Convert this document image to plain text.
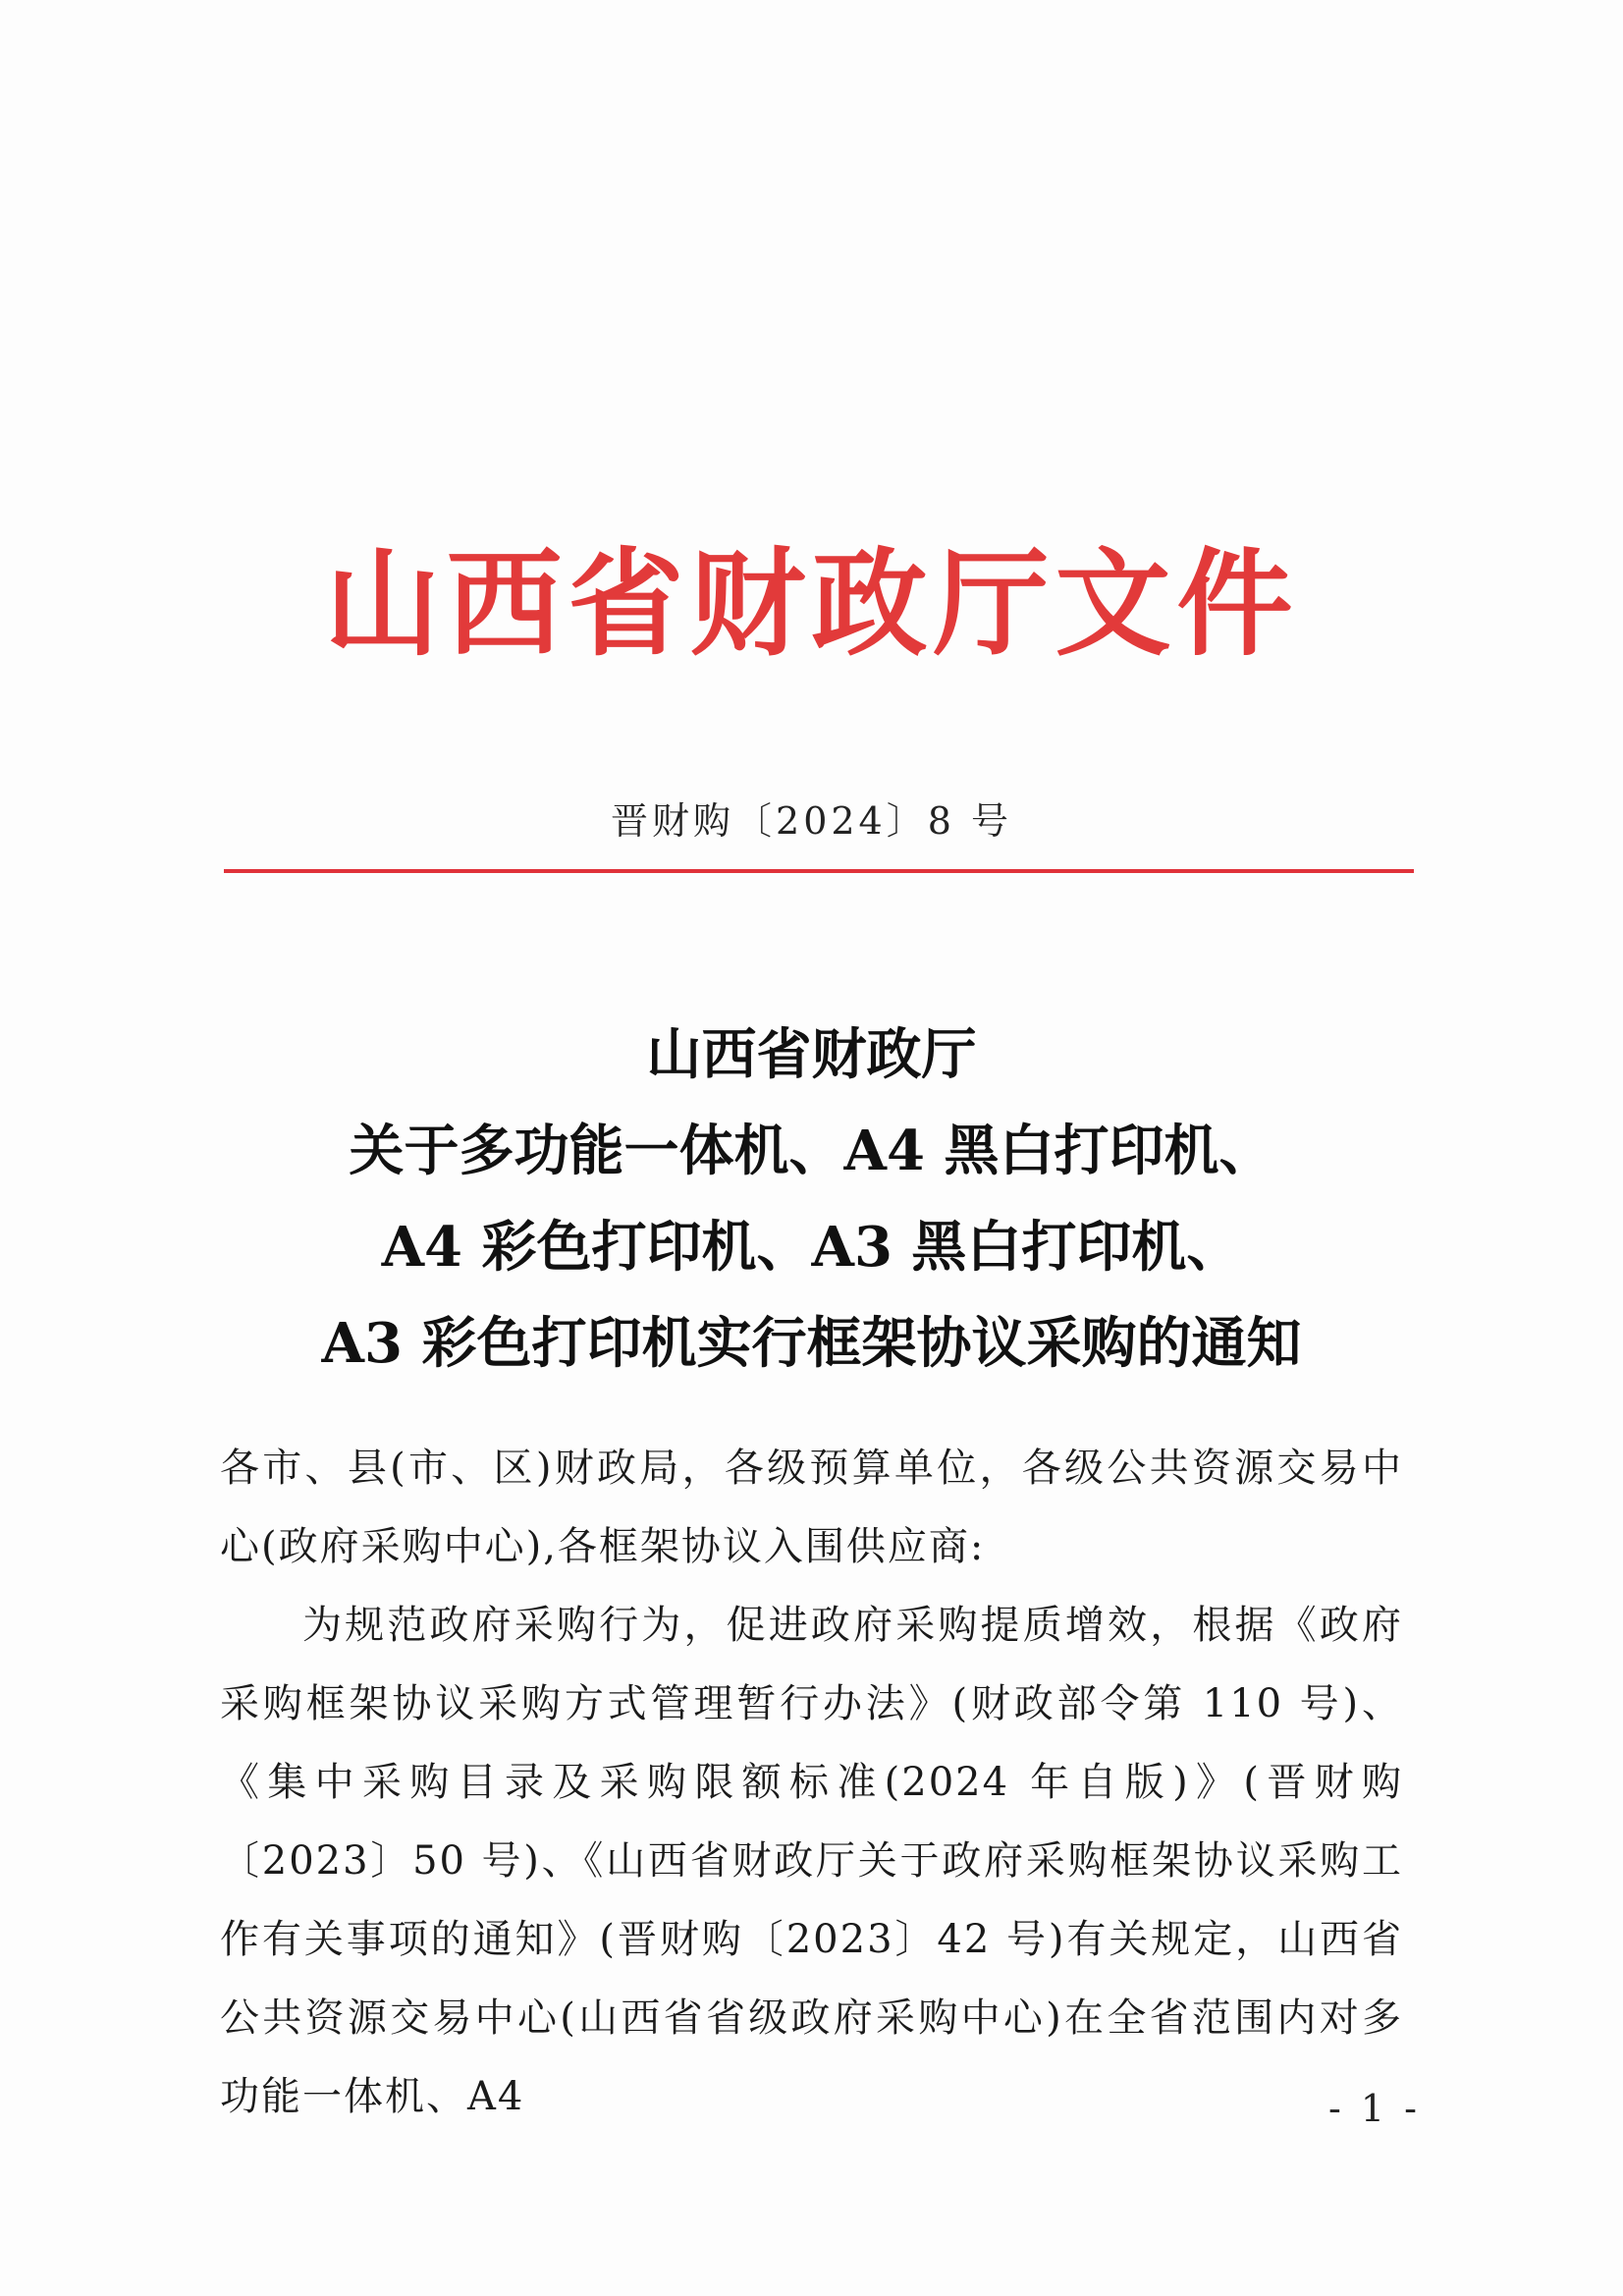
山西省财政厅文件
晋财购〔2024〕8 号
山西省财政厅
关于多功能一体机、A4 黑白打印机、
A4 彩色打印机、A3 黑白打印机、
A3 彩色打印机实行框架协议采购的通知

各市、县(市、区)财政局，各级预算单位，各级公共资源交易中心(政府采购中心),各框架协议入围供应商:

为规范政府采购行为，促进政府采购提质增效，根据《政府采购框架协议采购方式管理暂行办法》(财政部令第 110 号)、《集中采购目录及采购限额标准(2024 年自版)》(晋财购〔2023〕50 号)、《山西省财政厅关于政府采购框架协议采购工作有关事项的通知》(晋财购〔2023〕42 号)有关规定，山西省公共资源交易中心(山西省省级政府采购中心)在全省范围内对多功能一体机、A4	- 1 -
